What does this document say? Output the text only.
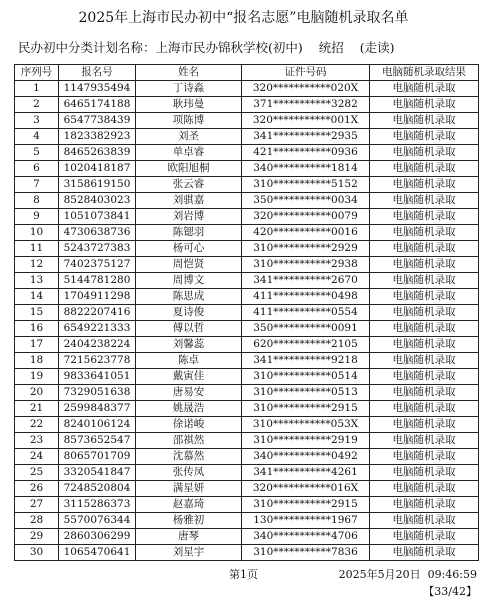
2025年上海市民办初中“报名志愿”电脑随机录取名单
民办初中分类计划名称：上海市民办锦秋学校(初中) 统招 (走读)
序列号	报名号	姓名	证件号码	电脑随机录取结果
1	1147935494	丁诗淼	320***********020X	电脑随机录取
2	6465174188	耿玮曼	371***********3282	电脑随机录取
3	6547738439	项陈博	320***********001X	电脑随机录取
4	1823382923	刘圣	341***********2935	电脑随机录取
5	8465263839	单卓睿	421***********0936	电脑随机录取
6	1020418187	欧阳旭桐	340***********1814	电脑随机录取
7	3158619150	张云睿	310***********5152	电脑随机录取
8	8528403023	刘骐嘉	350***********0034	电脑随机录取
9	1051073841	刘岩博	320***********0079	电脑随机录取
10	4730638736	陈锶羽	420***********0016	电脑随机录取
11	5243727383	杨可心	310***********2929	电脑随机录取
12	7402375127	周恺贤	310***********2938	电脑随机录取
13	5144781280	周博文	341***********2670	电脑随机录取
14	1704911298	陈思成	411***********0498	电脑随机录取
15	8822207416	夏诗俊	411***********0554	电脑随机录取
16	6549221333	傅以哲	350***********0091	电脑随机录取
17	2404238224	刘馨蕊	620***********2105	电脑随机录取
18	7215623778	陈卓	341***********9218	电脑随机录取
19	9833641051	戴寅佳	310***********0514	电脑随机录取
20	7329051638	唐易安	310***********0513	电脑随机录取
21	2599848377	姚晟浩	310***********2915	电脑随机录取
22	8240106124	徐诺峻	310***********053X	电脑随机录取
23	8573652547	邵祺然	310***********2919	电脑随机录取
24	8065701709	沈慕然	340***********0492	电脑随机录取
25	3320541847	张传凤	341***********4261	电脑随机录取
26	7248520804	满星妍	320***********016X	电脑随机录取
27	3115286373	赵嘉琦	310***********2915	电脑随机录取
28	5570076344	杨雅初	130***********1967	电脑随机录取
29	2860306299	唐琴	340***********4706	电脑随机录取
30	1065470641	刘星宇	310***********7836	电脑随机录取
第1页	2025年5月20日  09:46:59
【33/42】
